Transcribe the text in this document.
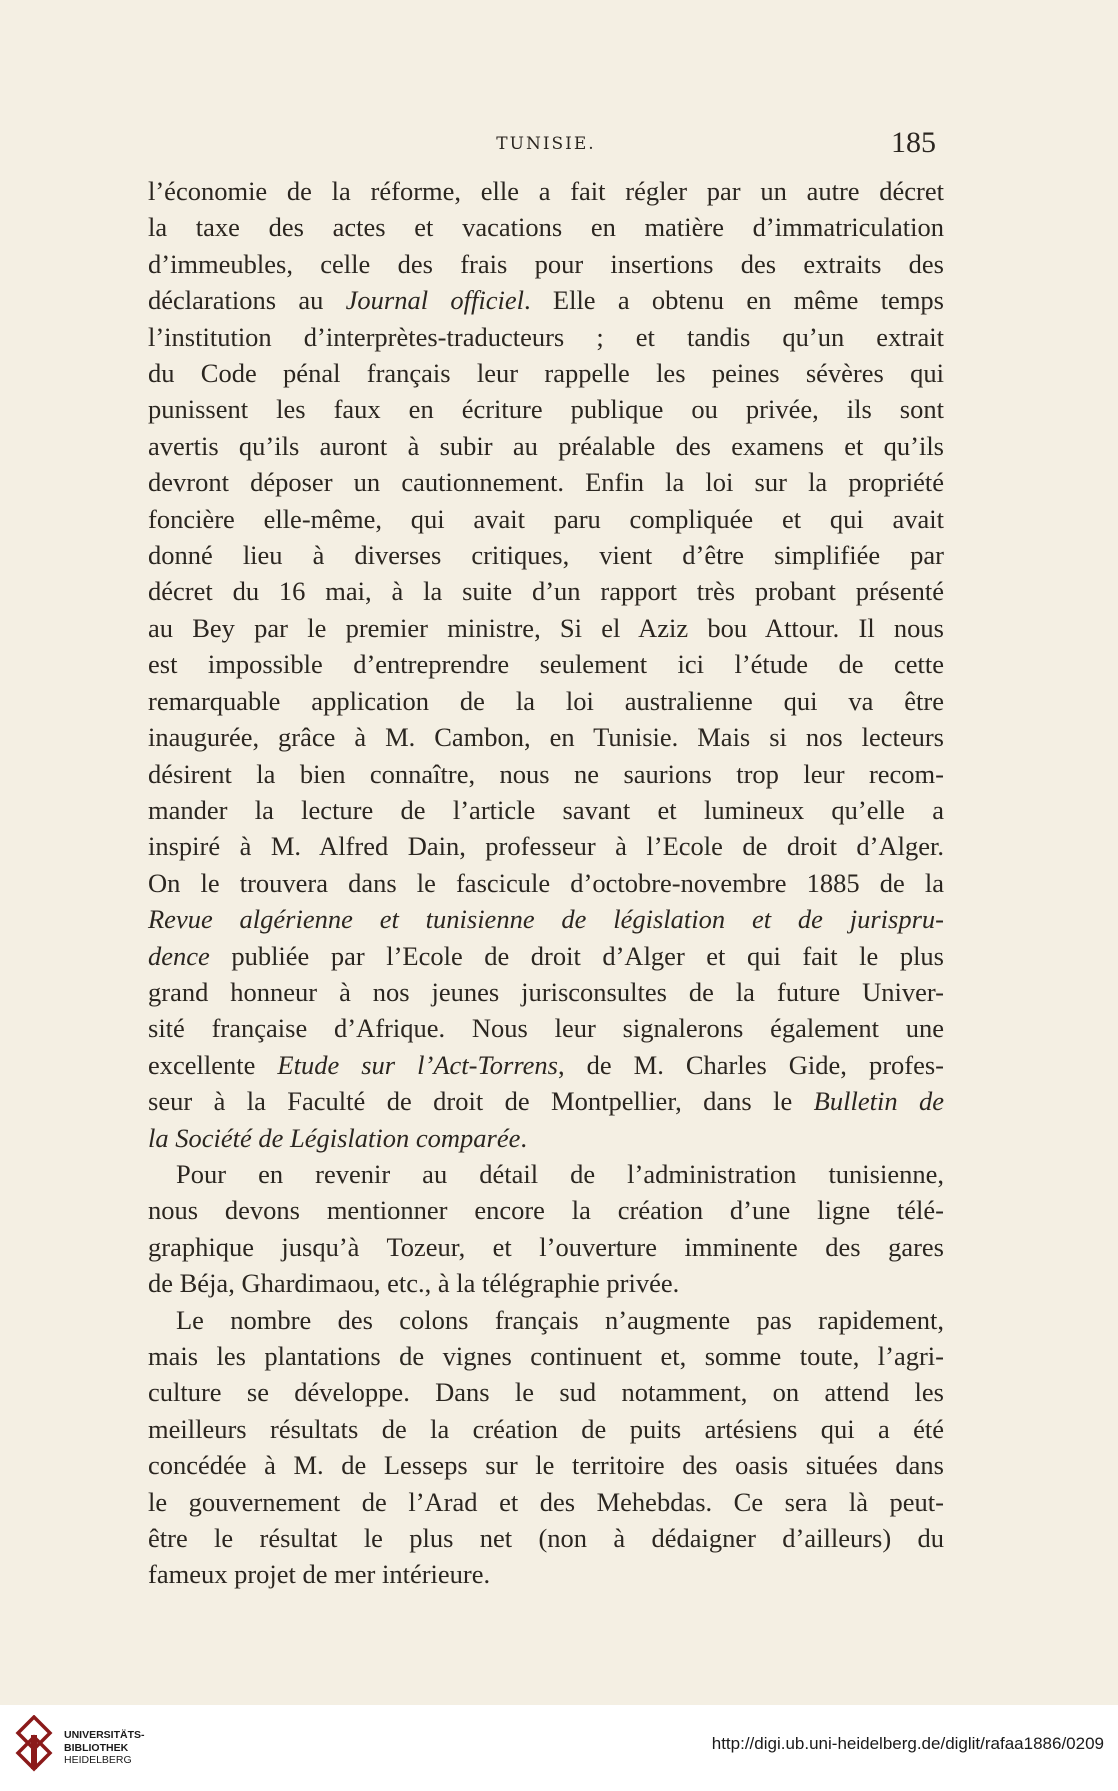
TUNISIE.	185
l’économie de la réforme, elle a fait régler par un autre décret
la taxe des actes et vacations en matière d’immatriculation
d’immeubles, celle des frais pour insertions des extraits des
déclarations au Journal officiel. Elle a obtenu en même temps
l’institution d’interprètes-traducteurs ; et tandis qu’un extrait
du Code pénal français leur rappelle les peines sévères qui
punissent les faux en écriture publique ou privée, ils sont
avertis qu’ils auront à subir au préalable des examens et qu’ils
devront déposer un cautionnement. Enfin la loi sur la propriété
foncière elle-même, qui avait paru compliquée et qui avait
donné lieu à diverses critiques, vient d’être simplifiée par
décret du 16 mai, à la suite d’un rapport très probant présenté
au Bey par le premier ministre, Si el Aziz bou Attour. Il nous
est impossible d’entreprendre seulement ici l’étude de cette
remarquable application de la loi australienne qui va être
inaugurée, grâce à M. Cambon, en Tunisie. Mais si nos lecteurs
désirent la bien connaître, nous ne saurions trop leur recom-
mander la lecture de l’article savant et lumineux qu’elle a
inspiré à M. Alfred Dain, professeur à l’Ecole de droit d’Alger.
On le trouvera dans le fascicule d’octobre-novembre 1885 de la
Revue algérienne et tunisienne de législation et de jurispru-
dence publiée par l’Ecole de droit d’Alger et qui fait le plus
grand honneur à nos jeunes jurisconsultes de la future Univer-
sité française d’Afrique. Nous leur signalerons également une
excellente Etude sur l’Act-Torrens, de M. Charles Gide, profes-
seur à la Faculté de droit de Montpellier, dans le Bulletin de
la Société de Législation comparée.
Pour en revenir au détail de l’administration tunisienne,
nous devons mentionner encore la création d’une ligne télé-
graphique jusqu’à Tozeur, et l’ouverture imminente des gares
de Béja, Ghardimaou, etc., à la télégraphie privée.
Le nombre des colons français n’augmente pas rapidement,
mais les plantations de vignes continuent et, somme toute, l’agri-
culture se développe. Dans le sud notamment, on attend les
meilleurs résultats de la création de puits artésiens qui a été
concédée à M. de Lesseps sur le territoire des oasis situées dans
le gouvernement de l’Arad et des Mehebdas. Ce sera là peut-
être le résultat le plus net (non à dédaigner d’ailleurs) du
fameux projet de mer intérieure.
UNIVERSITÄTS-
BIBLIOTHEK
HEIDELBERG
http://digi.ub.uni-heidelberg.de/diglit/rafaa1886/0209
